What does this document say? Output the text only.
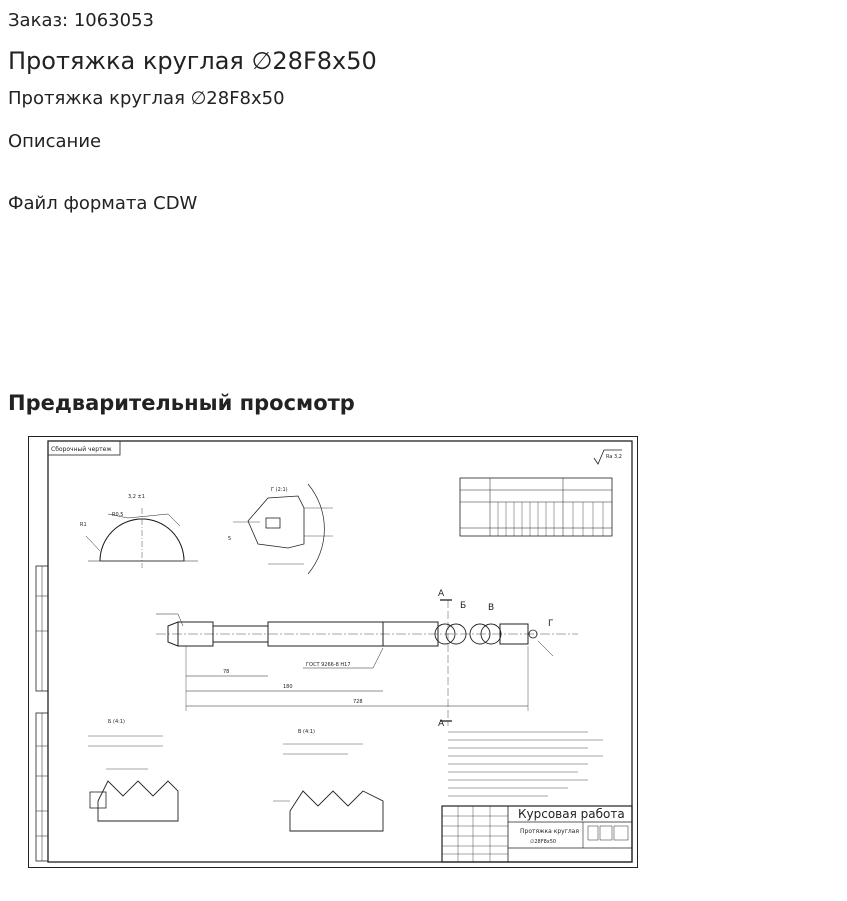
Заказ: 1063053
Протяжка круглая ∅28F8x50
Протяжка круглая ∅28F8x50
Описание
Файл формата CDW
Предварительный просмотр
Сборочный чертеж
Ra 3,2
3,2 ±1
R0,5
R1
Г (2:1)
5
78
180
728
ГОСТ 9266-8 H17
А
А
Б В
Г
Б (4:1)
В (4:1)
Курсовая работа
Протяжка круглая
∅28F8x50
